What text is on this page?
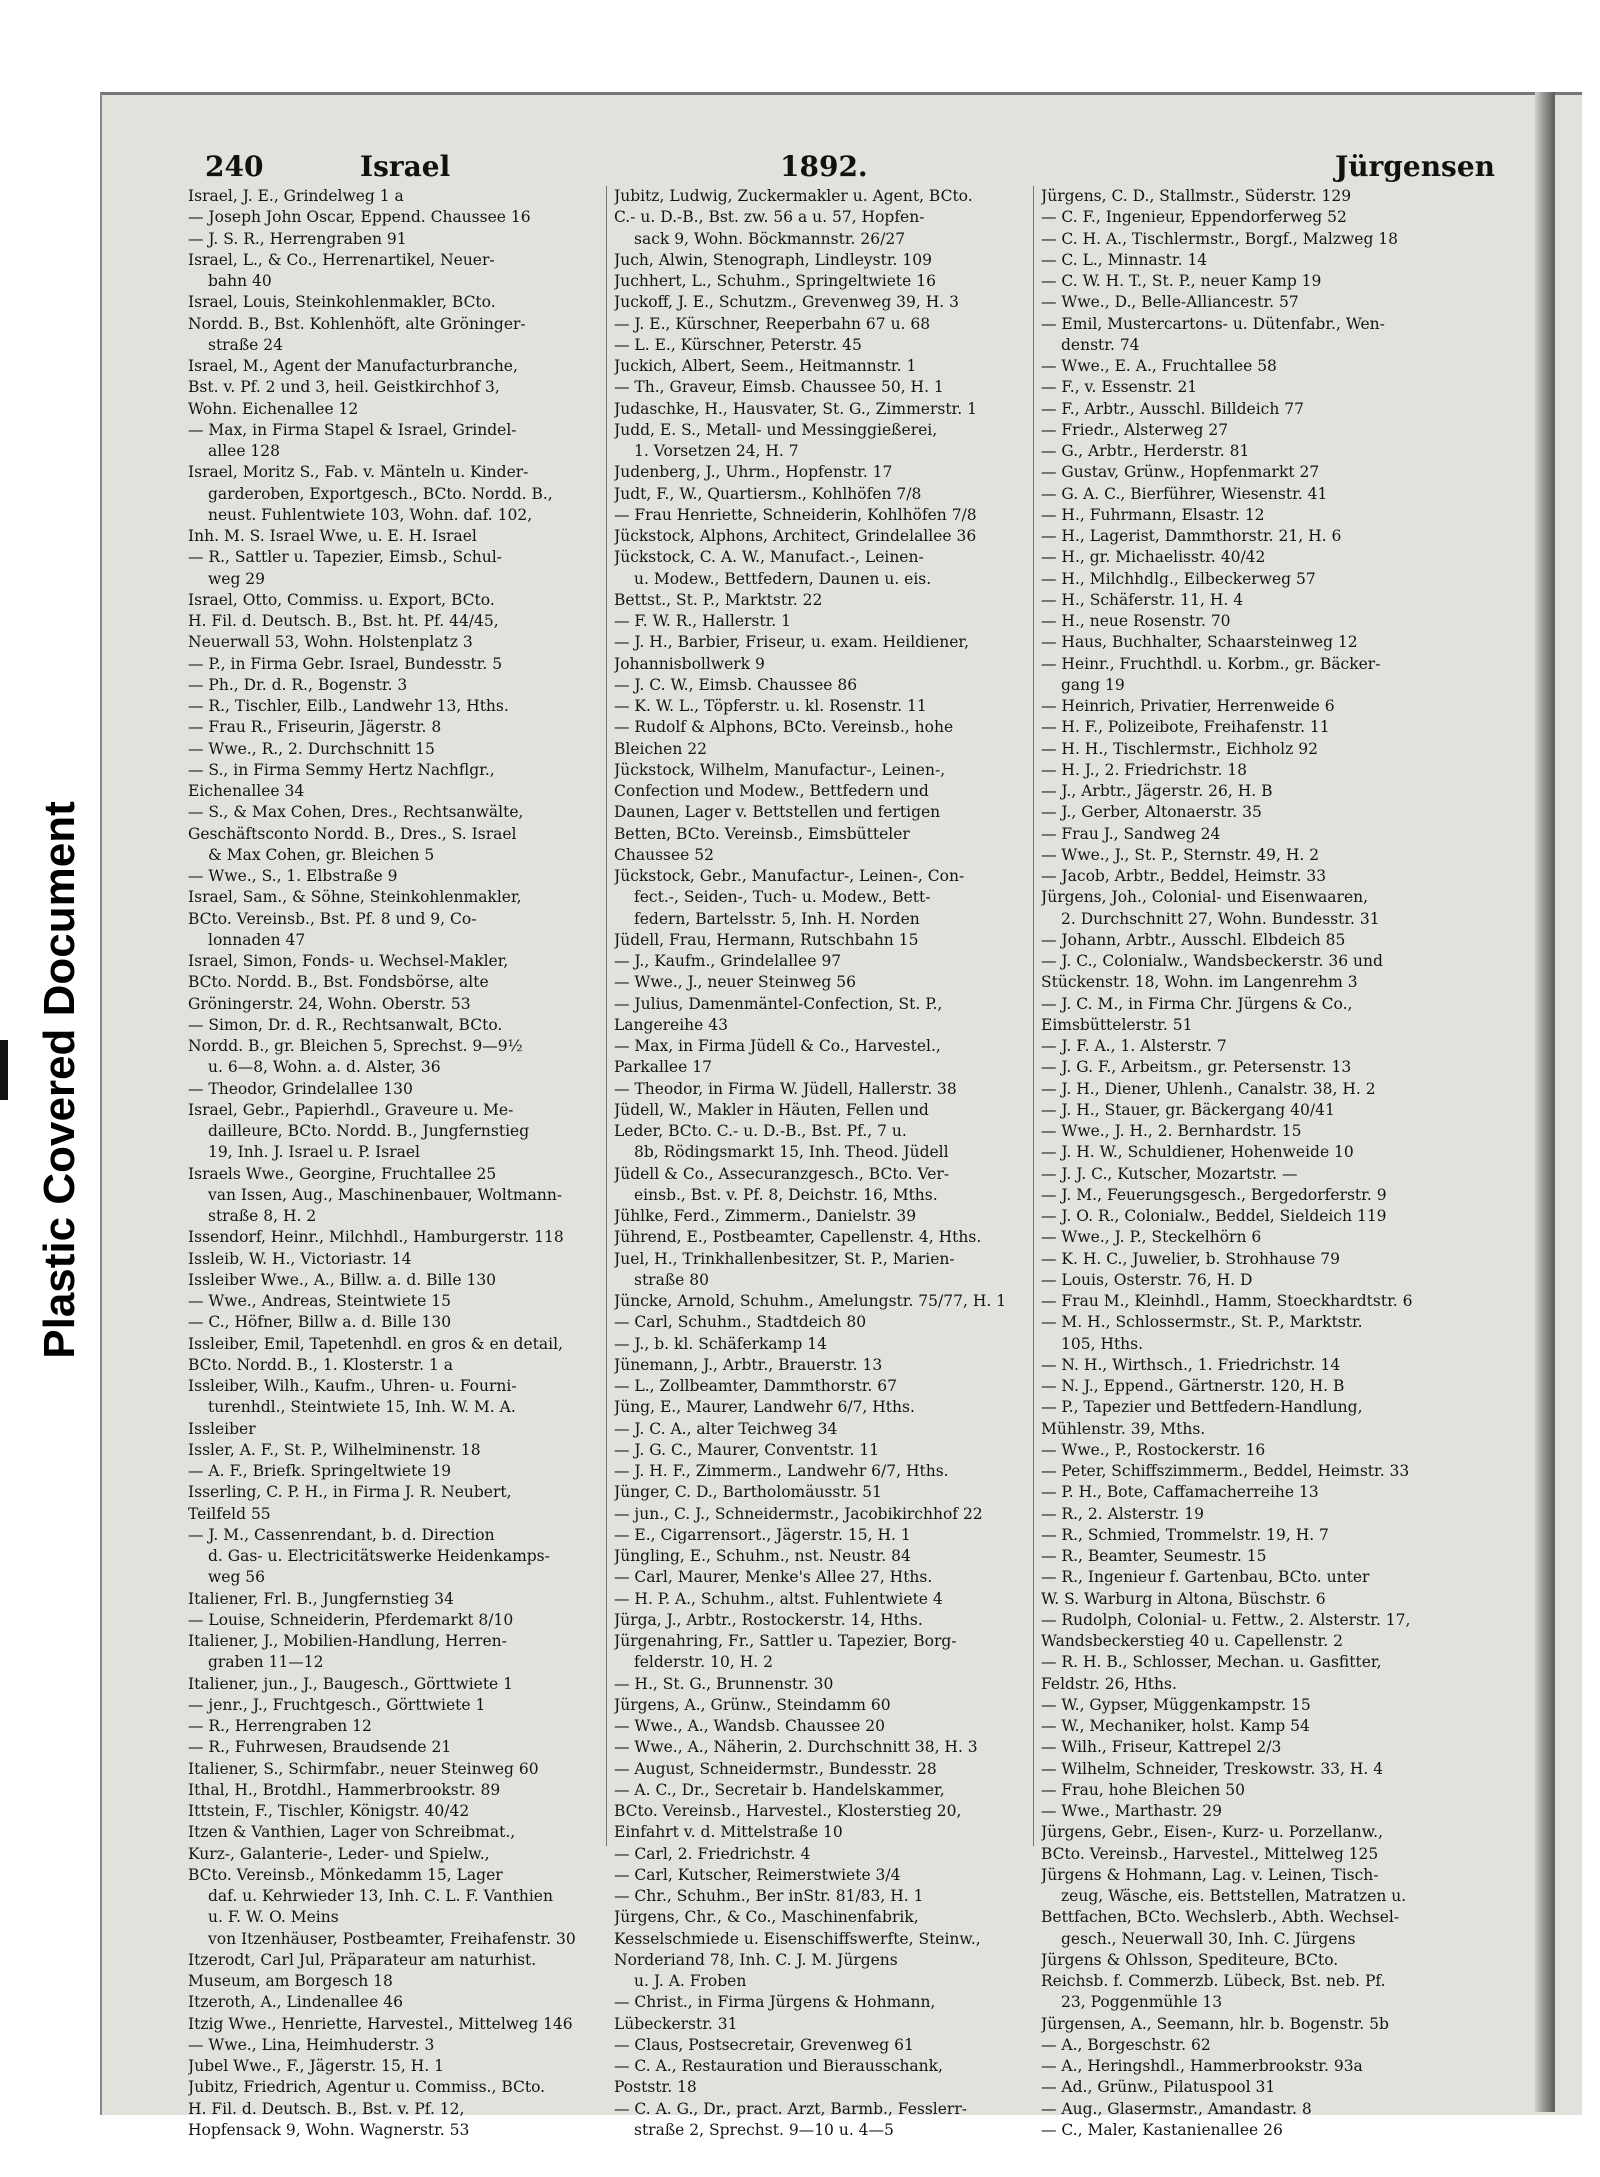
Plastic Covered Document
240	Israel	1892.	Jürgensen
Israel, J. E., Grindelweg 1 a
— Joseph John Oscar, Eppend. Chaussee 16
— J. S. R., Herrengraben 91
Israel, L., & Co., Herrenartikel, Neuer-
bahn 40
Israel, Louis, Steinkohlenmakler, BCto.
Nordd. B., Bst. Kohlenhöft, alte Gröninger-
straße 24
Israel, M., Agent der Manufacturbranche,
Bst. v. Pf. 2 und 3, heil. Geistkirchhof 3,
Wohn. Eichenallee 12
— Max, in Firma Stapel & Israel, Grindel-
allee 128
Israel, Moritz S., Fab. v. Mänteln u. Kinder-
garderoben, Exportgesch., BCto. Nordd. B.,
neust. Fuhlentwiete 103, Wohn. daf. 102,
Inh. M. S. Israel Wwe, u. E. H. Israel
— R., Sattler u. Tapezier, Eimsb., Schul-
weg 29
Israel, Otto, Commiss. u. Export, BCto.
H. Fil. d. Deutsch. B., Bst. ht. Pf. 44/45,
Neuerwall 53, Wohn. Holstenplatz 3
— P., in Firma Gebr. Israel, Bundesstr. 5
— Ph., Dr. d. R., Bogenstr. 3
— R., Tischler, Eilb., Landwehr 13, Hths.
— Frau R., Friseurin, Jägerstr. 8
— Wwe., R., 2. Durchschnitt 15
— S., in Firma Semmy Hertz Nachflgr.,
Eichenallee 34
— S., & Max Cohen, Dres., Rechtsanwälte,
Geschäftsconto Nordd. B., Dres., S. Israel
& Max Cohen, gr. Bleichen 5
— Wwe., S., 1. Elbstraße 9
Israel, Sam., & Söhne, Steinkohlenmakler,
BCto. Vereinsb., Bst. Pf. 8 und 9, Co-
lonnaden 47
Israel, Simon, Fonds- u. Wechsel-Makler,
BCto. Nordd. B., Bst. Fondsbörse, alte
Gröningerstr. 24, Wohn. Oberstr. 53
— Simon, Dr. d. R., Rechtsanwalt, BCto.
Nordd. B., gr. Bleichen 5, Sprechst. 9—9½
u. 6—8, Wohn. a. d. Alster, 36
— Theodor, Grindelallee 130
Israel, Gebr., Papierhdl., Graveure u. Me-
dailleure, BCto. Nordd. B., Jungfernstieg
19, Inh. J. Israel u. P. Israel
Israels Wwe., Georgine, Fruchtallee 25
van Issen, Aug., Maschinenbauer, Woltmann-
straße 8, H. 2
Issendorf, Heinr., Milchhdl., Hamburgerstr. 118
Issleib, W. H., Victoriastr. 14
Issleiber Wwe., A., Billw. a. d. Bille 130
— Wwe., Andreas, Steintwiete 15
— C., Höfner, Billw a. d. Bille 130
Issleiber, Emil, Tapetenhdl. en gros & en detail,
BCto. Nordd. B., 1. Klosterstr. 1 a
Issleiber, Wilh., Kaufm., Uhren- u. Fourni-
turenhdl., Steintwiete 15, Inh. W. M. A.
Issleiber
Issler, A. F., St. P., Wilhelminenstr. 18
— A. F., Briefk. Springeltwiete 19
Isserling, C. P. H., in Firma J. R. Neubert,
Teilfeld 55
— J. M., Cassenrendant, b. d. Direction
d. Gas- u. Electricitätswerke Heidenkamps-
weg 56
Italiener, Frl. B., Jungfernstieg 34
— Louise, Schneiderin, Pferdemarkt 8/10
Italiener, J., Mobilien-Handlung, Herren-
graben 11—12
Italiener, jun., J., Baugesch., Görttwiete 1
— jenr., J., Fruchtgesch., Görttwiete 1
— R., Herrengraben 12
— R., Fuhrwesen, Braudsende 21
Italiener, S., Schirmfabr., neuer Steinweg 60
Ithal, H., Brotdhl., Hammerbrookstr. 89
Ittstein, F., Tischler, Königstr. 40/42
Itzen & Vanthien, Lager von Schreibmat.,
Kurz-, Galanterie-, Leder- und Spielw.,
BCto. Vereinsb., Mönkedamm 15, Lager
daf. u. Kehrwieder 13, Inh. C. L. F. Vanthien
u. F. W. O. Meins
von Itzenhäuser, Postbeamter, Freihafenstr. 30
Itzerodt, Carl Jul, Präparateur am naturhist.
Museum, am Borgesch 18
Itzeroth, A., Lindenallee 46
Itzig Wwe., Henriette, Harvestel., Mittelweg 146
— Wwe., Lina, Heimhuderstr. 3
Jubel Wwe., F., Jägerstr. 15, H. 1
Jubitz, Friedrich, Agentur u. Commiss., BCto.
H. Fil. d. Deutsch. B., Bst. v. Pf. 12,
Hopfensack 9, Wohn. Wagnerstr. 53
Jubitz, Ludwig, Zuckermakler u. Agent, BCto.
C.- u. D.-B., Bst. zw. 56 a u. 57, Hopfen-
sack 9, Wohn. Böckmannstr. 26/27
Juch, Alwin, Stenograph, Lindleystr. 109
Juchhert, L., Schuhm., Springeltwiete 16
Juckoff, J. E., Schutzm., Grevenweg 39, H. 3
— J. E., Kürschner, Reeperbahn 67 u. 68
— L. E., Kürschner, Peterstr. 45
Juckich, Albert, Seem., Heitmannstr. 1
— Th., Graveur, Eimsb. Chaussee 50, H. 1
Judaschke, H., Hausvater, St. G., Zimmerstr. 1
Judd, E. S., Metall- und Messinggießerei,
1. Vorsetzen 24, H. 7
Judenberg, J., Uhrm., Hopfenstr. 17
Judt, F., W., Quartiersm., Kohlhöfen 7/8
— Frau Henriette, Schneiderin, Kohlhöfen 7/8
Jückstock, Alphons, Architect, Grindelallee 36
Jückstock, C. A. W., Manufact.-, Leinen-
u. Modew., Bettfedern, Daunen u. eis.
Bettst., St. P., Marktstr. 22
— F. W. R., Hallerstr. 1
— J. H., Barbier, Friseur, u. exam. Heildiener,
Johannisbollwerk 9
— J. C. W., Eimsb. Chaussee 86
— K. W. L., Töpferstr. u. kl. Rosenstr. 11
— Rudolf & Alphons, BCto. Vereinsb., hohe
Bleichen 22
Jückstock, Wilhelm, Manufactur-, Leinen-,
Confection und Modew., Bettfedern und
Daunen, Lager v. Bettstellen und fertigen
Betten, BCto. Vereinsb., Eimsbütteler
Chaussee 52
Jückstock, Gebr., Manufactur-, Leinen-, Con-
fect.-, Seiden-, Tuch- u. Modew., Bett-
federn, Bartelsstr. 5, Inh. H. Norden
Jüdell, Frau, Hermann, Rutschbahn 15
— J., Kaufm., Grindelallee 97
— Wwe., J., neuer Steinweg 56
— Julius, Damenmäntel-Confection, St. P.,
Langereihe 43
— Max, in Firma Jüdell & Co., Harvestel.,
Parkallee 17
— Theodor, in Firma W. Jüdell, Hallerstr. 38
Jüdell, W., Makler in Häuten, Fellen und
Leder, BCto. C.- u. D.-B., Bst. Pf., 7 u.
8b, Rödingsmarkt 15, Inh. Theod. Jüdell
Jüdell & Co., Assecuranzgesch., BCto. Ver-
einsb., Bst. v. Pf. 8, Deichstr. 16, Mths.
Jühlke, Ferd., Zimmerm., Danielstr. 39
Jührend, E., Postbeamter, Capellenstr. 4, Hths.
Juel, H., Trinkhallenbesitzer, St. P., Marien-
straße 80
Jüncke, Arnold, Schuhm., Amelungstr. 75/77, H. 1
— Carl, Schuhm., Stadtdeich 80
— J., b. kl. Schäferkamp 14
Jünemann, J., Arbtr., Brauerstr. 13
— L., Zollbeamter, Dammthorstr. 67
Jüng, E., Maurer, Landwehr 6/7, Hths.
— J. C. A., alter Teichweg 34
— J. G. C., Maurer, Conventstr. 11
— J. H. F., Zimmerm., Landwehr 6/7, Hths.
Jünger, C. D., Bartholomäusstr. 51
— jun., C. J., Schneidermstr., Jacobikirchhof 22
— E., Cigarrensort., Jägerstr. 15, H. 1
Jüngling, E., Schuhm., nst. Neustr. 84
— Carl, Maurer, Menke's Allee 27, Hths.
— H. P. A., Schuhm., altst. Fuhlentwiete 4
Jürga, J., Arbtr., Rostockerstr. 14, Hths.
Jürgenahring, Fr., Sattler u. Tapezier, Borg-
felderstr. 10, H. 2
— H., St. G., Brunnenstr. 30
Jürgens, A., Grünw., Steindamm 60
— Wwe., A., Wandsb. Chaussee 20
— Wwe., A., Näherin, 2. Durchschnitt 38, H. 3
— August, Schneidermstr., Bundesstr. 28
— A. C., Dr., Secretair b. Handelskammer,
BCto. Vereinsb., Harvestel., Klosterstieg 20,
Einfahrt v. d. Mittelstraße 10
— Carl, 2. Friedrichstr. 4
— Carl, Kutscher, Reimerstwiete 3/4
— Chr., Schuhm., Ber inStr. 81/83, H. 1
Jürgens, Chr., & Co., Maschinenfabrik,
Kesselschmiede u. Eisenschiffswerfte, Steinw.,
Norderiand 78, Inh. C. J. M. Jürgens
u. J. A. Froben
— Christ., in Firma Jürgens & Hohmann,
Lübeckerstr. 31
— Claus, Postsecretair, Grevenweg 61
— C. A., Restauration und Bierausschank,
Poststr. 18
— C. A. G., Dr., pract. Arzt, Barmb., Fesslerr-
straße 2, Sprechst. 9—10 u. 4—5
Jürgens, C. D., Stallmstr., Süderstr. 129
— C. F., Ingenieur, Eppendorferweg 52
— C. H. A., Tischlermstr., Borgf., Malzweg 18
— C. L., Minnastr. 14
— C. W. H. T., St. P., neuer Kamp 19
— Wwe., D., Belle-Alliancestr. 57
— Emil, Mustercartons- u. Dütenfabr., Wen-
denstr. 74
— Wwe., E. A., Fruchtallee 58
— F., v. Essenstr. 21
— F., Arbtr., Ausschl. Billdeich 77
— Friedr., Alsterweg 27
— G., Arbtr., Herderstr. 81
— Gustav, Grünw., Hopfenmarkt 27
— G. A. C., Bierführer, Wiesenstr. 41
— H., Fuhrmann, Elsastr. 12
— H., Lagerist, Dammthorstr. 21, H. 6
— H., gr. Michaelisstr. 40/42
— H., Milchhdlg., Eilbeckerweg 57
— H., Schäferstr. 11, H. 4
— H., neue Rosenstr. 70
— Haus, Buchhalter, Schaarsteinweg 12
— Heinr., Fruchthdl. u. Korbm., gr. Bäcker-
gang 19
— Heinrich, Privatier, Herrenweide 6
— H. F., Polizeibote, Freihafenstr. 11
— H. H., Tischlermstr., Eichholz 92
— H. J., 2. Friedrichstr. 18
— J., Arbtr., Jägerstr. 26, H. B
— J., Gerber, Altonaerstr. 35
— Frau J., Sandweg 24
— Wwe., J., St. P., Sternstr. 49, H. 2
— Jacob, Arbtr., Beddel, Heimstr. 33
Jürgens, Joh., Colonial- und Eisenwaaren,
2. Durchschnitt 27, Wohn. Bundesstr. 31
— Johann, Arbtr., Ausschl. Elbdeich 85
— J. C., Colonialw., Wandsbeckerstr. 36 und
Stückenstr. 18, Wohn. im Langenrehm 3
— J. C. M., in Firma Chr. Jürgens & Co.,
Eimsbüttelerstr. 51
— J. F. A., 1. Alsterstr. 7
— J. G. F., Arbeitsm., gr. Petersenstr. 13
— J. H., Diener, Uhlenh., Canalstr. 38, H. 2
— J. H., Stauer, gr. Bäckergang 40/41
— Wwe., J. H., 2. Bernhardstr. 15
— J. H. W., Schuldiener, Hohenweide 10
— J. J. C., Kutscher, Mozartstr. —
— J. M., Feuerungsgesch., Bergedorferstr. 9
— J. O. R., Colonialw., Beddel, Sieldeich 119
— Wwe., J. P., Steckelhörn 6
— K. H. C., Juwelier, b. Strohhause 79
— Louis, Osterstr. 76, H. D
— Frau M., Kleinhdl., Hamm, Stoeckhardtstr. 6
— M. H., Schlossermstr., St. P., Marktstr.
105, Hths.
— N. H., Wirthsch., 1. Friedrichstr. 14
— N. J., Eppend., Gärtnerstr. 120, H. B
— P., Tapezier und Bettfedern-Handlung,
Mühlenstr. 39, Mths.
— Wwe., P., Rostockerstr. 16
— Peter, Schiffszimmerm., Beddel, Heimstr. 33
— P. H., Bote, Caffamacherreihe 13
— R., 2. Alsterstr. 19
— R., Schmied, Trommelstr. 19, H. 7
— R., Beamter, Seumestr. 15
— R., Ingenieur f. Gartenbau, BCto. unter
W. S. Warburg in Altona, Büschstr. 6
— Rudolph, Colonial- u. Fettw., 2. Alsterstr. 17,
Wandsbeckerstieg 40 u. Capellenstr. 2
— R. H. B., Schlosser, Mechan. u. Gasfitter,
Feldstr. 26, Hths.
— W., Gypser, Müggenkampstr. 15
— W., Mechaniker, holst. Kamp 54
— Wilh., Friseur, Kattrepel 2/3
— Wilhelm, Schneider, Treskowstr. 33, H. 4
— Frau, hohe Bleichen 50
— Wwe., Marthastr. 29
Jürgens, Gebr., Eisen-, Kurz- u. Porzellanw.,
BCto. Vereinsb., Harvestel., Mittelweg 125
Jürgens & Hohmann, Lag. v. Leinen, Tisch-
zeug, Wäsche, eis. Bettstellen, Matratzen u.
Bettfachen, BCto. Wechslerb., Abth. Wechsel-
gesch., Neuerwall 30, Inh. C. Jürgens
Jürgens & Ohlsson, Spediteure, BCto.
Reichsb. f. Commerzb. Lübeck, Bst. neb. Pf.
23, Poggenmühle 13
Jürgensen, A., Seemann, hlr. b. Bogenstr. 5b
— A., Borgeschstr. 62
— A., Heringshdl., Hammerbrookstr. 93a
— Ad., Grünw., Pilatuspool 31
— Aug., Glasermstr., Amandastr. 8
— C., Maler, Kastanienallee 26
